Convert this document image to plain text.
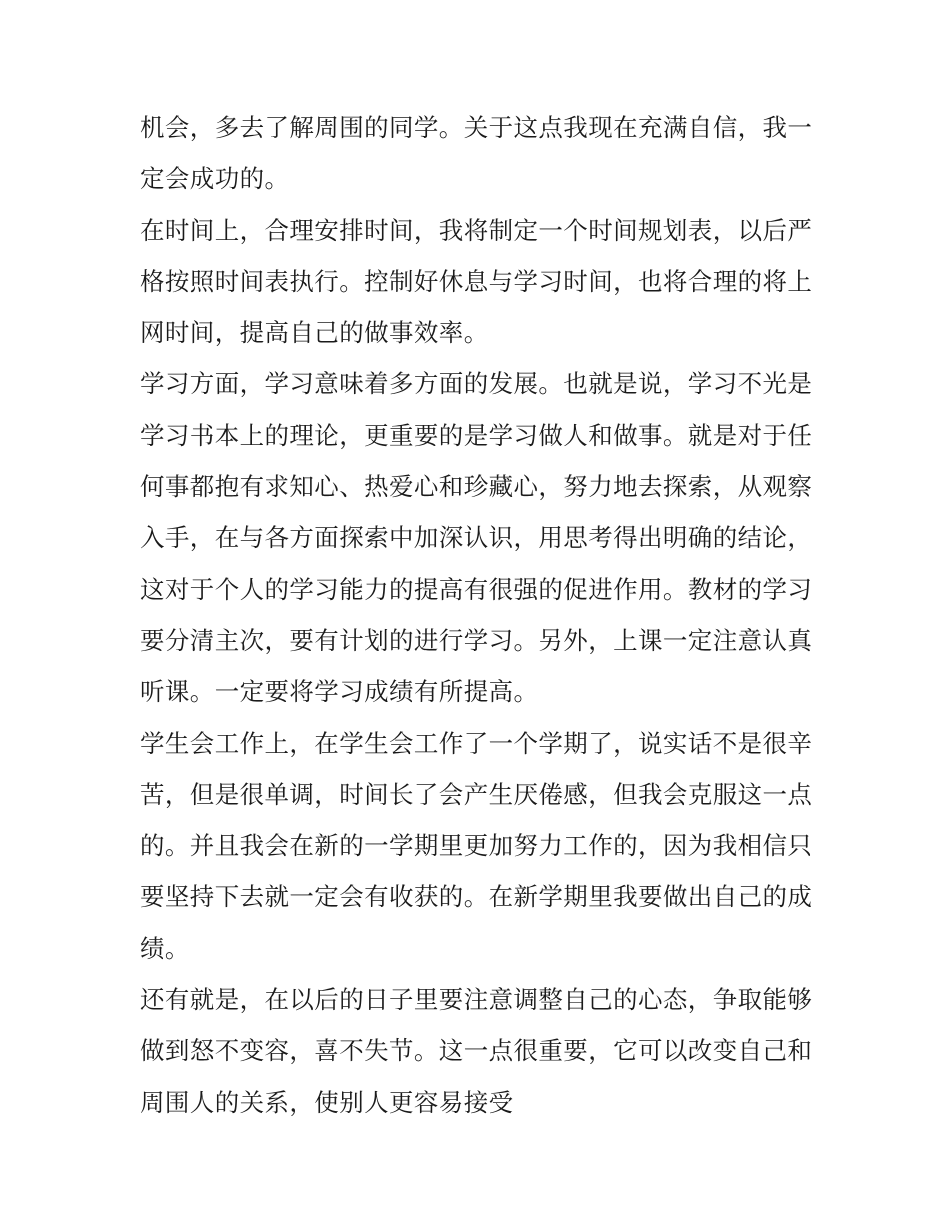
机会，多去了解周围的同学。关于这点我现在充满自信，我一
定会成功的。
在时间上，合理安排时间，我将制定一个时间规划表，以后严
格按照时间表执行。控制好休息与学习时间，也将合理的将上
网时间，提高自己的做事效率。
学习方面，学习意味着多方面的发展。也就是说，学习不光是
学习书本上的理论，更重要的是学习做人和做事。就是对于任
何事都抱有求知心、热爱心和珍藏心，努力地去探索，从观察
入手，在与各方面探索中加深认识，用思考得出明确的结论，
这对于个人的学习能力的提高有很强的促进作用。教材的学习
要分清主次，要有计划的进行学习。另外，上课一定注意认真
听课。一定要将学习成绩有所提高。
学生会工作上，在学生会工作了一个学期了，说实话不是很辛
苦，但是很单调，时间长了会产生厌倦感，但我会克服这一点
的。并且我会在新的一学期里更加努力工作的，因为我相信只
要坚持下去就一定会有收获的。在新学期里我要做出自己的成
绩。
还有就是，在以后的日子里要注意调整自己的心态，争取能够
做到怒不变容，喜不失节。这一点很重要，它可以改变自己和
周围人的关系，使别人更容易接受
